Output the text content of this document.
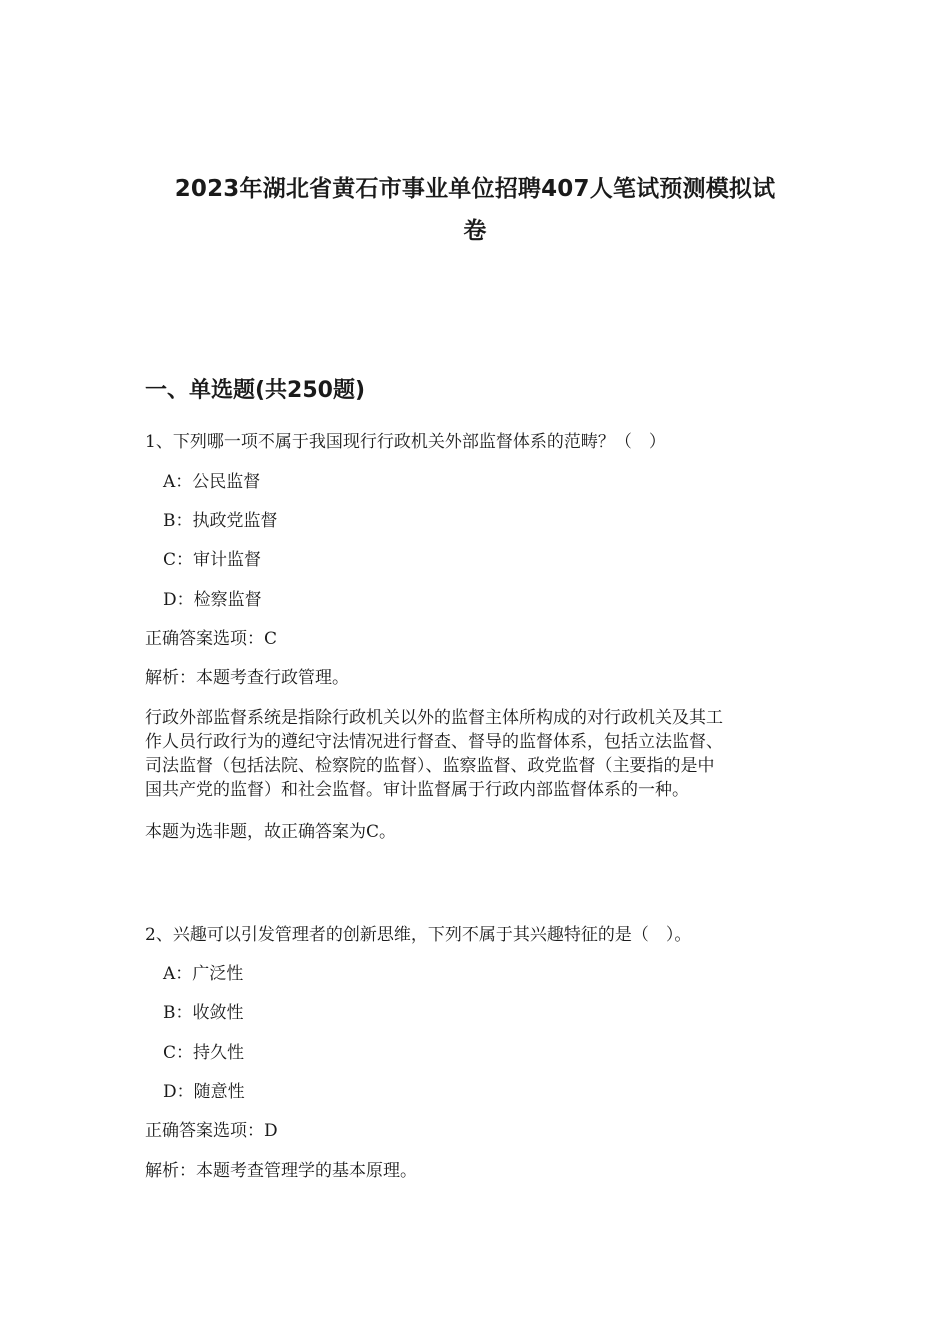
2023年湖北省黄石市事业单位招聘407人笔试预测模拟试
卷
一、单选题(共250题)
1、下列哪一项不属于我国现行行政机关外部监督体系的范畴？（　）
A：公民监督
B：执政党监督
C：审计监督
D：检察监督
正确答案选项：C
解析：本题考查行政管理。
行政外部监督系统是指除行政机关以外的监督主体所构成的对行政机关及其工
作人员行政行为的遵纪守法情况进行督查、督导的监督体系，包括立法监督、
司法监督（包括法院、检察院的监督）、监察监督、政党监督（主要指的是中
国共产党的监督）和社会监督。审计监督属于行政内部监督体系的一种。
本题为选非题，故正确答案为C。
2、兴趣可以引发管理者的创新思维，下列不属于其兴趣特征的是（　）。
A：广泛性
B：收敛性
C：持久性
D：随意性
正确答案选项：D
解析：本题考查管理学的基本原理。
